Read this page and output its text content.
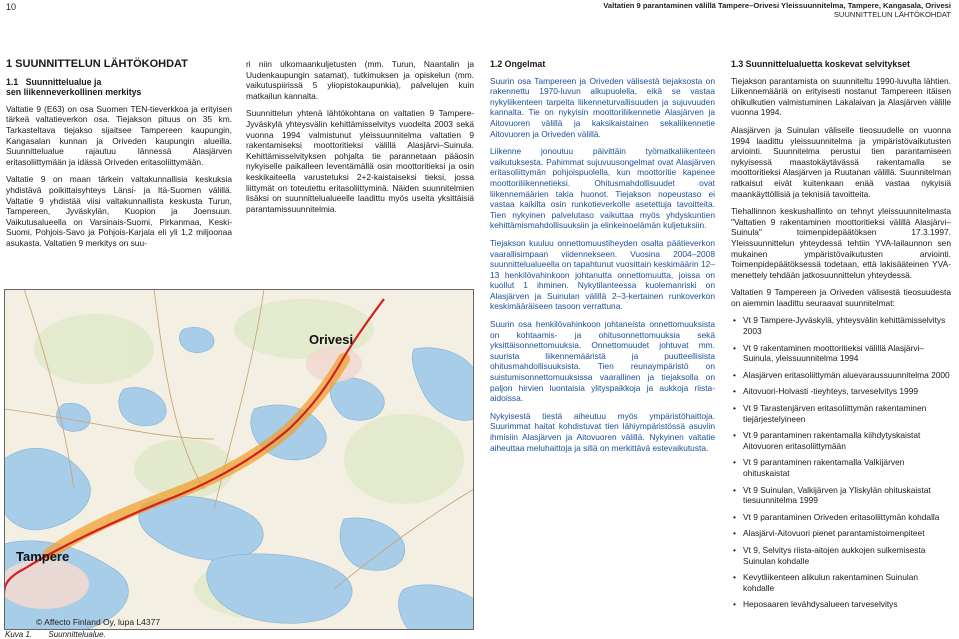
10	Valtatien 9 parantaminen välillä Tampere–Orivesi Yleissuunnitelma, Tampere, Kangasala, Orivesi
SUUNNITTELUN LÄHTÖKOHDAT
1 SUUNNITTELUN LÄHTÖKOHDAT
1.1 Suunnittelualue ja
sen liikenneverkollinen merkitys

Valtatie 9 (E63) on osa Suomen TEN-tieverkkoa ja erityisen tärkeä valtatieverkon osa. Tiejakson pituus on 35 km. Tarkasteltava tiejakso sijaitsee Tampereen kaupungin, Kangasalan kunnan ja Oriveden kaupungin alueilla. Suunnittelualue rajautuu lännessä Alasjärven eritasoliittymään ja idässä Oriveden eritasoliittymään.

Valtatie 9 on maan tärkein valtakunnallisia keskuksia yhdistävä poikittaisyhteys Länsi- ja Itä-Suomen välillä. Valtatie 9 yhdistää viisi valtakunnallista keskusta Turun, Tampereen, Jyväskylän, Kuopion ja Joensuun. Vaikutusalueella on Varsinais-Suomi, Pirkanmaa, Keski-Suomi, Pohjois-Savo ja Pohjois-Karjala eli yli 1,2 miljoonaa asukasta. Valtatien 9 merkitys on suu-

ri niin ulkomaankuljetusten (mm. Turun, Naantalin ja Uudenkaupungin satamat), tutkimuksen ja opiskelun (mm. vaikutuspiirissä 5 yliopistokaupunkia), palvelujen kuin matkailun kannalta.

Suunnittelun yhtenä lähtökohtana on valtatien 9 Tampere-Jyväskylä yhteysvälin kehittämisselvitys vuodelta 2003 sekä vuonna 1994 valmistunut yleissuunnitelma valtatien 9 rakentamiseksi moottoritieksi välillä Alasjärvi–Suinula. Kehittämisselvityksen pohjalta tie parannetaan pääosin nykyiselle paikalleen leventämällä osin moottoritieksi ja osin keskikaiteella varustetuksi 2+2-kaistaiseksi tieksi, jossa liittymät on toteutettu eritasoliittyminä. Näiden suunnitelmien lisäksi on suunnittelualueelle laadittu myös useita yksittäisiä parantamissuunnitelmia.

Orivesi
Tampere
© Affecto Finland Oy, lupa L4377
Kuva 1. Suunnittelualue.
1.2 Ongelmat

Suurin osa Tampereen ja Oriveden välisestä tiejaksosta on rakennettu 1970-luvun alkupuolella, eikä se vastaa nykyliikenteen tarpeita liikenneturvallisuuden ja sujuvuuden kannalta. Tie on nykyisin moottoriliikennetie Alasjärven ja Aitovuoren välillä ja kaksikaistainen sekaliikennetie Aitovuoren ja Oriveden välillä.

Liikenne jonoutuu päivittäin työmatkaliikenteen vaikutuksesta. Pahimmat sujuvuusongelmat ovat Alasjärven eritasoliittymän pohjoispuolella, kun moottoritie kapenee moottoriliikennetieksi. Ohitusmahdollisuudet ovat liikennemäärien takia huonot. Tiejakson nopeustaso ei vastaa kaikilta osin runkotieverkolle asetettuja tavoitteita. Tien nykyinen palvelutaso vaikuttaa myös yhdyskuntien kehittämismahdollisuuksiin ja elinkeinoelämän kuljetuksiin.

Tiejakson kuuluu onnettomuustiheyden osalta päätieverkon vaarallisimpaan viidennekseen. Vuosina 2004–2008 suunnittelualueella on tapahtunut vuosittain keskimäärin 12–13 henkilövahinkoon johtanutta onnettomuutta, joissa on kuollut 1 ihminen. Nykytilanteessa kuolemanriski on Alasjärven ja Suinulan välillä 2–3-kertainen runkoverkon keskimääräiseen tasoon verrattuna.

Suurin osa henkilövahinkoon johtaneista onnettomuuksista on kohtaamis- ja ohitusonnettomuuksia sekä yksittäisonnettomuuksia. Onnettomuudet johtuvat mm. suurista liikennemääristä ja puutteellisista ohitusmahdollisuuksista. Tien reunaympäristö on suistumisonnettomuuksissa vaarallinen ja tiejaksolla on paljon hirvien luontaisia ylityspaikkoja ja aukkoja riista-aidoissa.

Nykyisestä tiestä aiheutuu myös ympäristöhaittoja. Suurimmat haitat kohdistuvat tien lähiympäristössä asuviin ihmisiin Alasjärven ja Aitovuoren välillä. Nykyinen valtatie aiheuttaa meluhaittoja ja sillä on merkittävä estevaikutusta.

1.3 Suunnittelualuetta koskevat selvitykset

Tiejakson parantamista on suunniteltu 1990-luvulta lähtien. Liikennemääriä on erityisesti nostanut Tampereen itäisen ohikulkutien valmistuminen Lakalaivan ja Alasjärven välille vuonna 1994.

Alasjärven ja Suinulan väliselle tieosuudelle on vuonna 1994 laadittu yleissuunnitelma ja ympäristövaikutusten arviointi. Suunnitelma perustui tien parantamiseen nykyisessä maastokäytävässä rakentamalla se moottoritieksi Alasjärven ja Ruutanan välillä. Suunnitelman ratkaisut eivät kuitenkaan enää vastaa nykyisiä maankäyttöllisiä ja teknisiä tavoitteita.

Tiehallinnon keskushallinto on tehnyt yleissuunnitelmasta "Valtatien 9 rakentaminen moottoritieksi välillä Alasjärvi–Suinula" toimenpidepäätöksen 17.3.1997. Yleissuunnittelun yhteydessä tehtiin YVA-lailaunnon sen mukainen ympäristövaikutusten arviointi. Toimenpidepäätöksessä todetaan, että lakisääteinen YVA-menettely tehdään jatkosuunnittelun yhteydessä.

Valtatien 9 Tampereen ja Oriveden välisestä tieosuudesta on aiemmin laadittu seuraavat suunnitelmat:

• Vt 9 Tampere-Jyväskylä, yhteysvälin kehittämisselvitys 2003
• Vt 9 rakentaminen moottoritieksi välillä Alasjärvi–Suinula, yleissuunnitelma 1994
• Alasjärven eritasoliittymän aluevaraussuunnitelma 2000
• Aitovuori-Holvasti -tieyhteys, tarveselvitys 1999
• Vt 9 Tarastenjärven eritasoliittymän rakentaminen tiejärjestelyineen
• Vt 9 parantaminen rakentamalla kiihdytyskaistat Aitovuoren eritasoliittymään
• Vt 9 parantaminen rakentamalla Valkijärven ohituskaistat
• Vt 9 Suinulan, Valkijärven ja Yliskylän ohituskaistat tiesuunnitelma 1999
• Vt 9 parantaminen Oriveden eritasoliittymän kohdalla
• Alasjärvi-Aitovuori pienet parantamistoimenpiteet
• Vt 9, Selvitys riista-aitojen aukkojen sulkemisesta Suinulan kohdalle
• Kevytliikenteen alikulun rakentaminen Suinulan kohdalle
• Heposaaren levähdysalueen tarveselvitys
